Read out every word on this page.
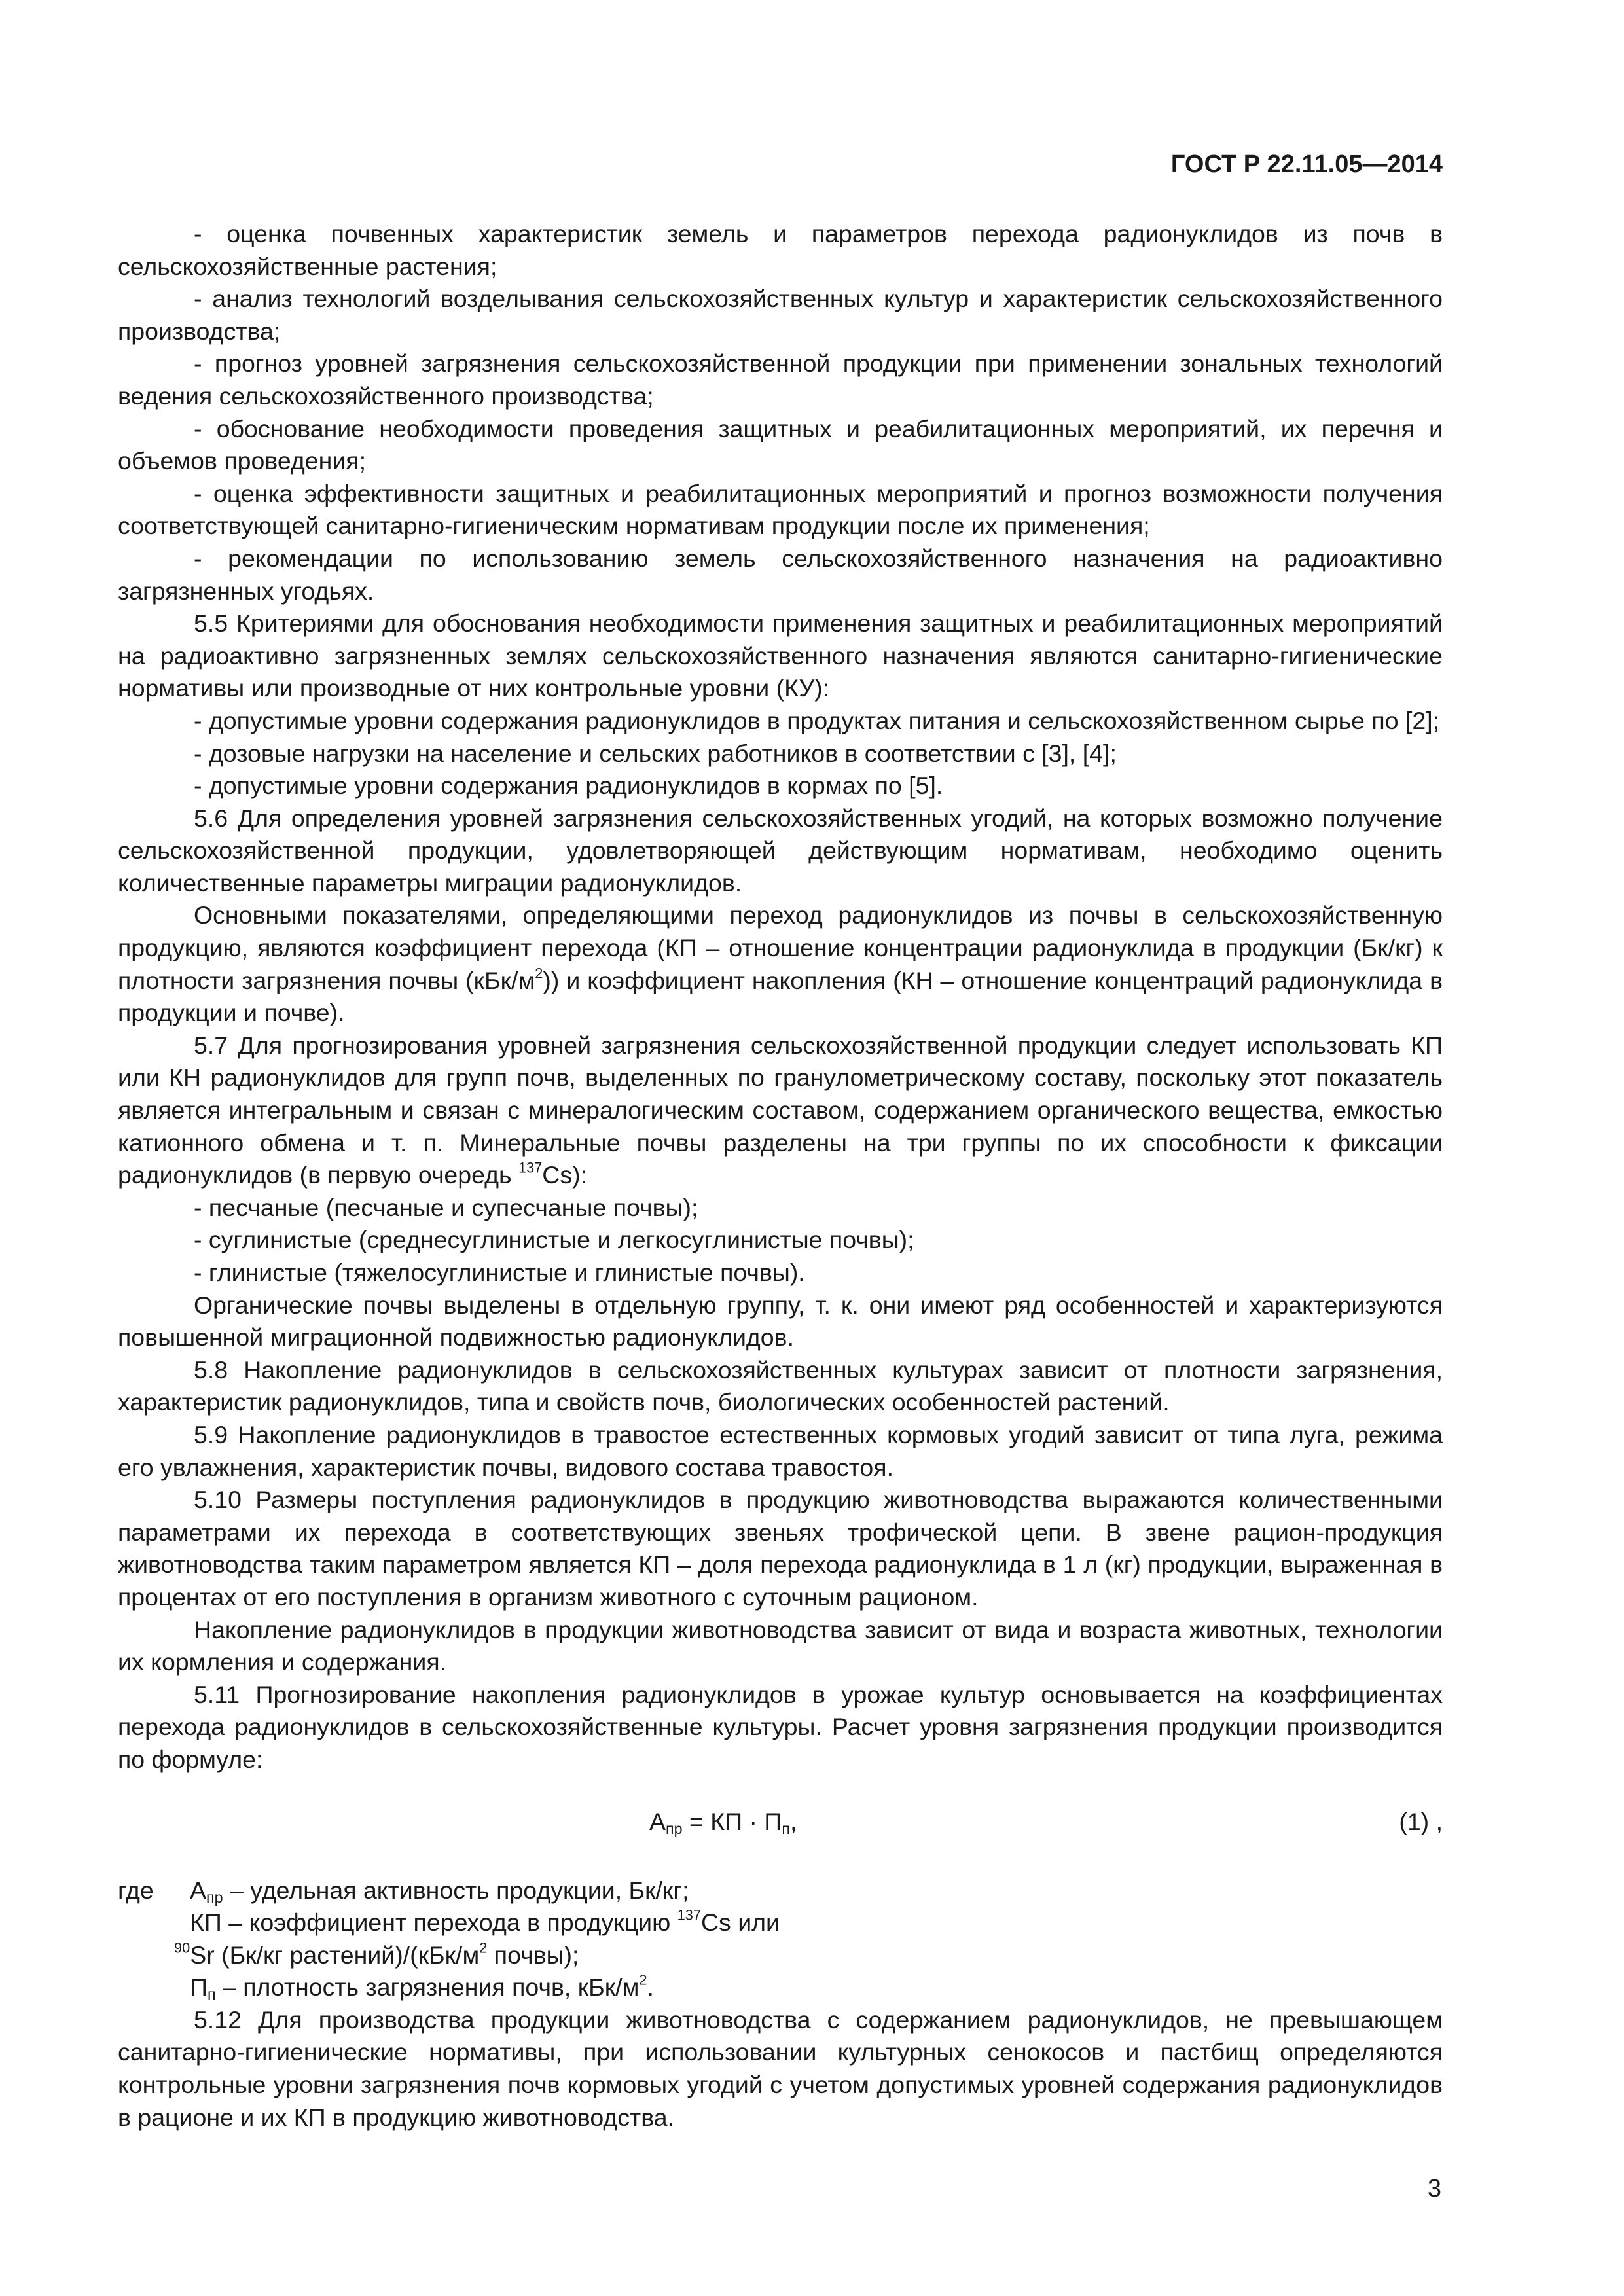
ГОСТ Р 22.11.05—2014

- оценка почвенных характеристик земель и параметров перехода радионуклидов из почв в сельскохозяйственные растения;

- анализ технологий возделывания сельскохозяйственных культур и характеристик сельскохозяйственного производства;

- прогноз уровней загрязнения сельскохозяйственной продукции при применении зональных технологий ведения сельскохозяйственного производства;

- обоснование необходимости проведения защитных и реабилитационных мероприятий, их перечня и объемов проведения;

- оценка эффективности защитных и реабилитационных мероприятий и прогноз возможности получения соответствующей санитарно-гигиеническим нормативам продукции после их применения;

- рекомендации по использованию земель сельскохозяйственного назначения на радиоактивно загрязненных угодьях.

5.5 Критериями для обоснования необходимости применения защитных и реабилитационных мероприятий на радиоактивно загрязненных землях сельскохозяйственного назначения являются санитарно-гигиенические нормативы или производные от них контрольные уровни (КУ):

- допустимые уровни содержания радионуклидов в продуктах питания и сельскохозяйственном сырье по [2];

- дозовые нагрузки на население и сельских работников в соответствии с [3], [4];

- допустимые уровни содержания радионуклидов в кормах по [5].

5.6 Для определения уровней загрязнения сельскохозяйственных угодий, на которых возможно получение сельскохозяйственной продукции, удовлетворяющей действующим нормативам, необходимо оценить количественные параметры миграции радионуклидов.

Основными показателями, определяющими переход радионуклидов из почвы в сельскохозяйственную продукцию, являются коэффициент перехода (КП – отношение концентрации радионуклида в продукции (Бк/кг) к плотности загрязнения почвы $(кБк/м^2)$) и коэффициент накопления (КН – отношение концентраций радионуклида в продукции и почве).

5.7 Для прогнозирования уровней загрязнения сельскохозяйственной продукции следует использовать КП или КН радионуклидов для групп почв, выделенных по гранулометрическому составу, поскольку этот показатель является интегральным и связан с минералогическим составом, содержанием органического вещества, емкостью катионного обмена и т. п. Минеральные почвы разделены на три группы по их способности к фиксации радионуклидов (в первую очередь $^{137}$Cs):

- песчаные (песчаные и супесчаные почвы);

- суглинистые (среднесуглинистые и легкосуглинистые почвы);

- глинистые (тяжелосуглинистые и глинистые почвы).

Органические почвы выделены в отдельную группу, т. к. они имеют ряд особенностей и характеризуются повышенной миграционной подвижностью радионуклидов.

5.8 Накопление радионуклидов в сельскохозяйственных культурах зависит от плотности загрязнения, характеристик радионуклидов, типа и свойств почв, биологических особенностей растений.

5.9 Накопление радионуклидов в травостое естественных кормовых угодий зависит от типа луга, режима его увлажнения, характеристик почвы, видового состава травостоя.

5.10 Размеры поступления радионуклидов в продукцию животноводства выражаются количественными параметрами их перехода в соответствующих звеньях трофической цепи. В звене рацион-продукция животноводства таким параметром является КП – доля перехода радионуклида в 1 л (кг) продукции, выраженная в процентах от его поступления в организм животного с суточным рационом.

Накопление радионуклидов в продукции животноводства зависит от вида и возраста животных, технологии их кормления и содержания.

5.11 Прогнозирование накопления радионуклидов в урожае культур основывается на коэффициентах перехода радионуклидов в сельскохозяйственные культуры. Расчет уровня загрязнения продукции производится по формуле:

$А_{пр}$ = КП · $П_п$,	(1) ,
где $А_{пр}$ – удельная активность продукции, Бк/кг;

КП – коэффициент перехода в продукцию $^{137}$Cs или

$^{90}$Sr (Бк/кг $растений)/(кБк/м^2$ почвы);

$П_п$ – плотность загрязнения почв, кБк/$м^2$.

5.12 Для производства продукции животноводства с содержанием радионуклидов, не превышающем санитарно-гигиенические нормативы, при использовании культурных сенокосов и пастбищ определяются контрольные уровни загрязнения почв кормовых угодий с учетом допустимых уровней содержания радионуклидов в рационе и их КП в продукцию животноводства.

3
